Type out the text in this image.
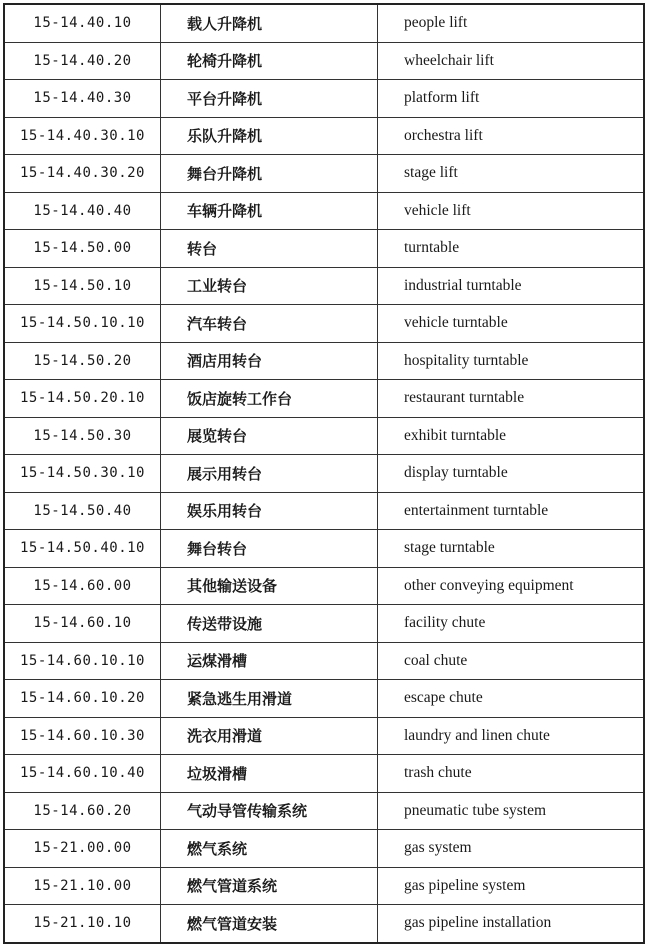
15-14.40.10	载人升降机	people lift
15-14.40.20	轮椅升降机	wheelchair lift
15-14.40.30	平台升降机	platform lift
15-14.40.30.10	乐队升降机	orchestra lift
15-14.40.30.20	舞台升降机	stage lift
15-14.40.40	车辆升降机	vehicle lift
15-14.50.00	转台	turntable
15-14.50.10	工业转台	industrial turntable
15-14.50.10.10	汽车转台	vehicle turntable
15-14.50.20	酒店用转台	hospitality turntable
15-14.50.20.10	饭店旋转工作台	restaurant turntable
15-14.50.30	展览转台	exhibit turntable
15-14.50.30.10	展示用转台	display turntable
15-14.50.40	娱乐用转台	entertainment turntable
15-14.50.40.10	舞台转台	stage turntable
15-14.60.00	其他输送设备	other conveying equipment
15-14.60.10	传送带设施	facility chute
15-14.60.10.10	运煤滑槽	coal chute
15-14.60.10.20	紧急逃生用滑道	escape chute
15-14.60.10.30	洗衣用滑道	laundry and linen chute
15-14.60.10.40	垃圾滑槽	trash chute
15-14.60.20	气动导管传输系统	pneumatic tube system
15-21.00.00	燃气系统	gas system
15-21.10.00	燃气管道系统	gas pipeline system
15-21.10.10	燃气管道安装	gas pipeline installation
